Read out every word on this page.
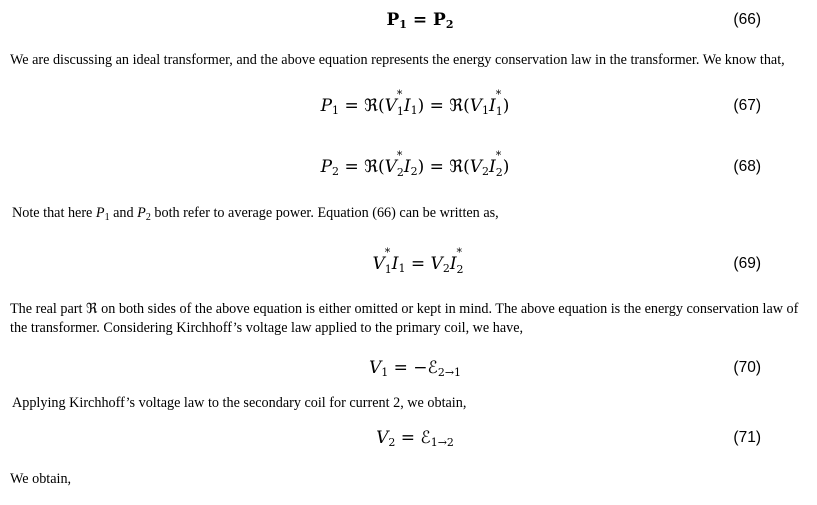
$P_1 = P_2$	(66)
We are discussing an ideal transformer, and the above equation represents the energy conservation law in the transformer. We know that,
$P_1$ = ℜ(V
*
$_1I_1$) = $ℜ(V_1I$
*
$_1$)	(67)
$P_2$ = ℜ(V
*
$_2I_2$) = $ℜ(V_2I$
*
$_2$)	(68)
Note that here $P_1$ and $P_2$ both refer to average power. Equation (66) can be written as,
V
*
$_1I_1 = V_2I$
*
$_2$	(69)
The real part ℜ on both sides of the above equation is either omitted or kept in mind. The above equation is the energy conservation law of the transformer. Considering Kirchhoff’s voltage law applied to the primary coil, we have,
$V_1$ = −ℰ$_{2\to 1}$	(70)
Applying Kirchhoff’s voltage law to the secondary coil for current 2, we obtain,
$V_2$ = ℰ$_{1\to 2}$	(71)
We obtain,
